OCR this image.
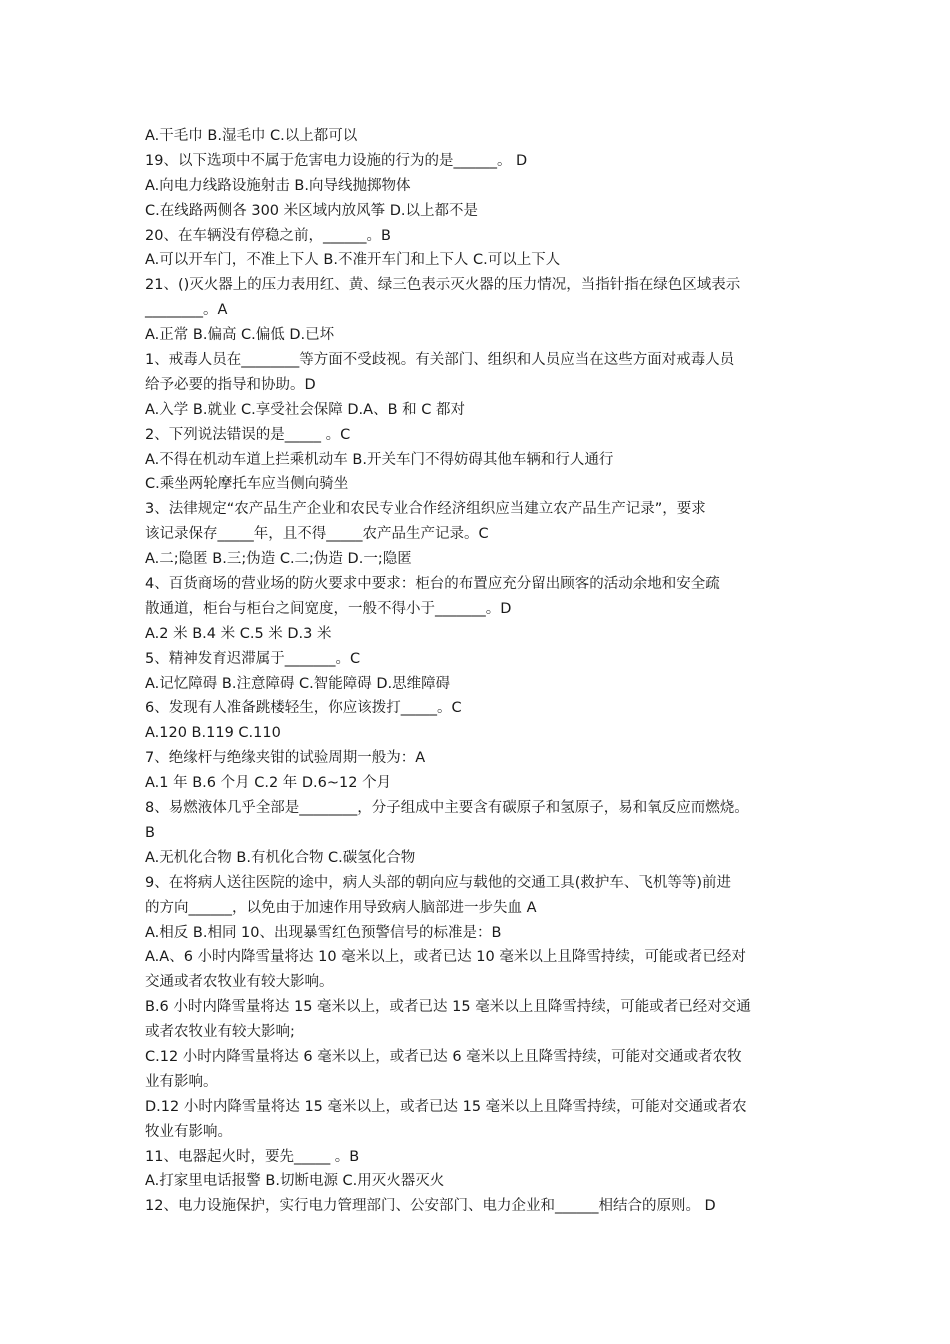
A.干毛巾 B.湿毛巾 C.以上都可以
19、以下选项中不属于危害电力设施的行为的是______。 D
A.向电力线路设施射击 B.向导线抛掷物体
C.在线路两侧各 300 米区域内放风筝 D.以上都不是
20、在车辆没有停稳之前，______。B
A.可以开车门，不准上下人 B.不准开车门和上下人 C.可以上下人
21、()灭火器上的压力表用红、黄、绿三色表示灭火器的压力情况，当指针指在绿色区域表示
________。A
A.正常 B.偏高 C.偏低 D.已坏
1、戒毒人员在________等方面不受歧视。有关部门、组织和人员应当在这些方面对戒毒人员
给予必要的指导和协助。D
A.入学 B.就业 C.享受社会保障 D.A、B 和 C 都对
2、下列说法错误的是_____ 。C
A.不得在机动车道上拦乘机动车 B.开关车门不得妨碍其他车辆和行人通行
C.乘坐两轮摩托车应当侧向骑坐
3、法律规定“农产品生产企业和农民专业合作经济组织应当建立农产品生产记录”，要求
该记录保存_____年，且不得_____农产品生产记录。C
A.二;隐匿 B.三;伪造 C.二;伪造 D.一;隐匿
4、百货商场的营业场的防火要求中要求：柜台的布置应充分留出顾客的活动余地和安全疏
散通道，柜台与柜台之间宽度，一般不得小于_______。D
A.2 米 B.4 米 C.5 米 D.3 米
5、精神发育迟滞属于_______。C
A.记忆障碍 B.注意障碍 C.智能障碍 D.思维障碍
6、发现有人准备跳楼轻生，你应该拨打_____。C
A.120 B.119 C.110
7、绝缘杆与绝缘夹钳的试验周期一般为：A
A.1 年 B.6 个月 C.2 年 D.6~12 个月
8、易燃液体几乎全部是________，分子组成中主要含有碳原子和氢原子，易和氧反应而燃烧。
B
A.无机化合物 B.有机化合物 C.碳氢化合物
9、在将病人送往医院的途中，病人头部的朝向应与载他的交通工具(救护车、飞机等等)前进
的方向______，以免由于加速作用导致病人脑部进一步失血 A
A.相反 B.相同 10、出现暴雪红色预警信号的标准是：B
A.A、6 小时内降雪量将达 10 毫米以上，或者已达 10 毫米以上且降雪持续，可能或者已经对
交通或者农牧业有较大影响。
B.6 小时内降雪量将达 15 毫米以上，或者已达 15 毫米以上且降雪持续，可能或者已经对交通
或者农牧业有较大影响;
C.12 小时内降雪量将达 6 毫米以上，或者已达 6 毫米以上且降雪持续，可能对交通或者农牧
业有影响。
D.12 小时内降雪量将达 15 毫米以上，或者已达 15 毫米以上且降雪持续，可能对交通或者农
牧业有影响。
11、电器起火时，要先_____ 。B
A.打家里电话报警 B.切断电源 C.用灭火器灭火
12、电力设施保护，实行电力管理部门、公安部门、电力企业和______相结合的原则。 D
